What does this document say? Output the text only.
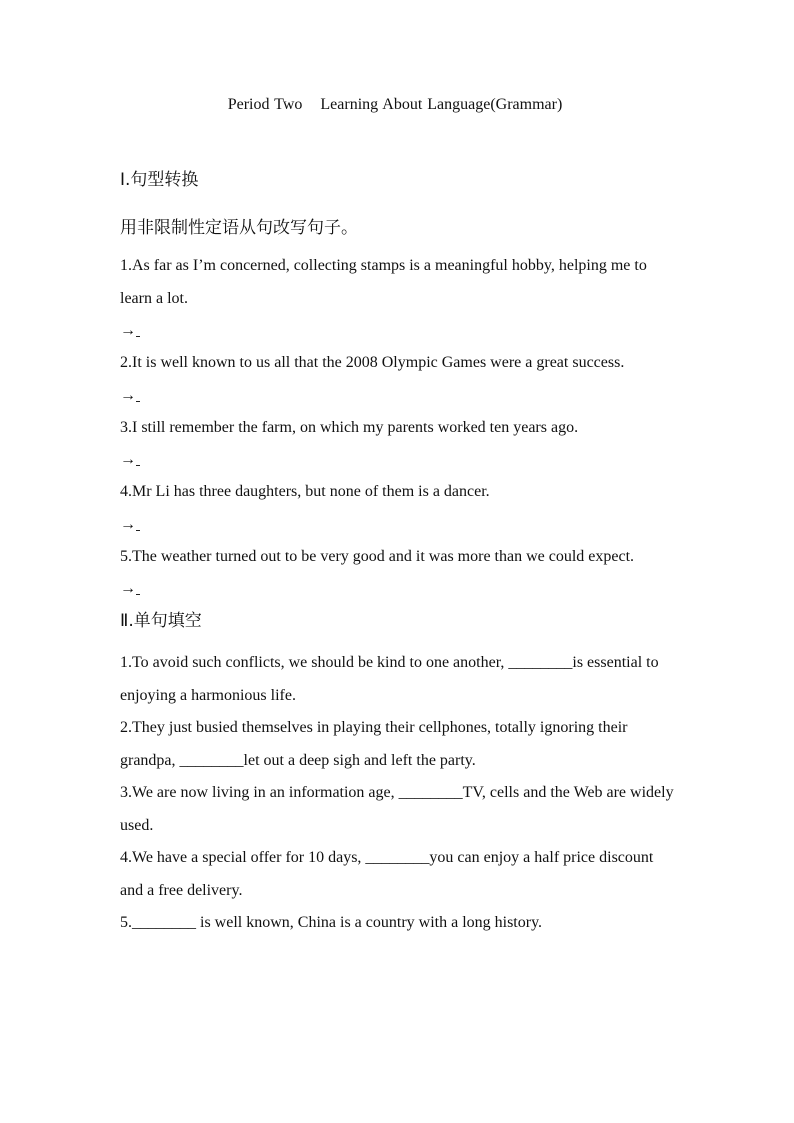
Period Two Learning About Language(Grammar)
Ⅰ.句型转换
用非限制性定语从句改写句子。
1.As far as I’m concerned, collecting stamps is a meaningful hobby, helping me to learn a lot.
→
2.It is well known to us all that the 2008 Olympic Games were a great success.
→
3.I still remember the farm, on which my parents worked ten years ago.
→
4.Mr Li has three daughters, but none of them is a dancer.
→
5.The weather turned out to be very good and it was more than we could expect.
→
Ⅱ.单句填空
1.To avoid such conflicts, we should be kind to one another, ________is essential to enjoying a harmonious life.
2.They just busied themselves in playing their cellphones, totally ignoring their grandpa, ________let out a deep sigh and left the party.
3.We are now living in an information age, ________TV, cells and the Web are widely used.
4.We have a special offer for 10 days, ________you can enjoy a half price discount and a free delivery.
5.________ is well known, China is a country with a long history.
